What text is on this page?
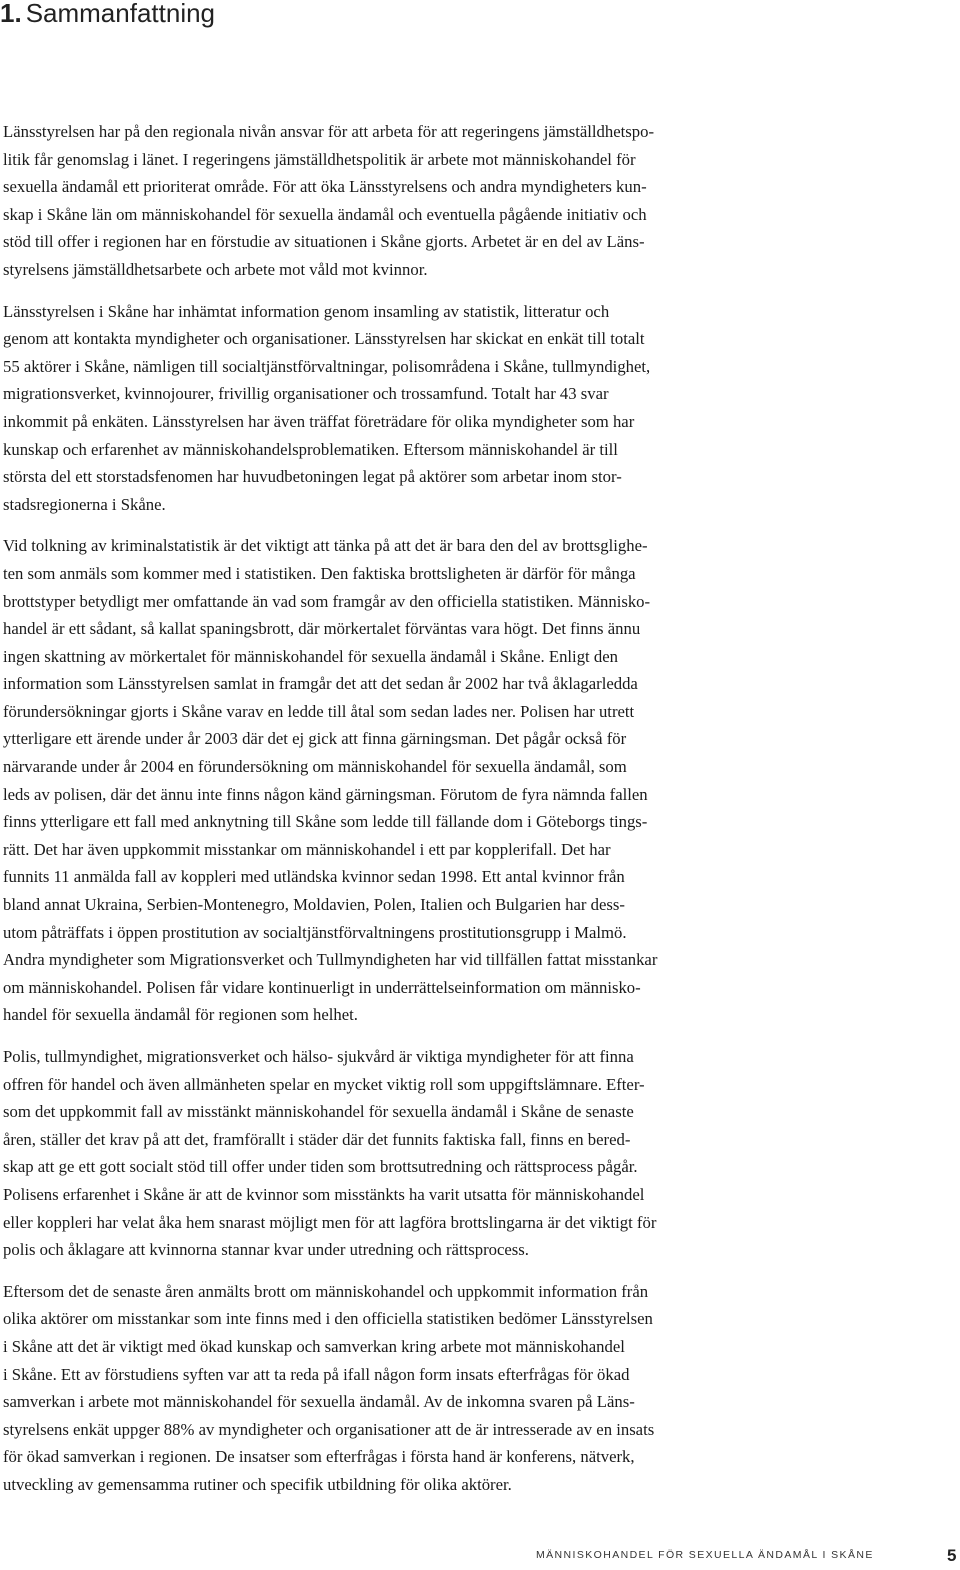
1. Sammanfattning

Länsstyrelsen har på den regionala nivån ansvar för att arbeta för att regeringens jämställdhetspo-
litik får genomslag i länet. I regeringens jämställdhetspolitik är arbete mot människohandel för
sexuella ändamål ett prioriterat område. För att öka Länsstyrelsens och andra myndigheters kun-
skap i Skåne län om människohandel för sexuella ändamål och eventuella pågående initiativ och
stöd till offer i regionen har en förstudie av situationen i Skåne gjorts. Arbetet är en del av Läns-
styrelsens jämställdhetsarbete och arbete mot våld mot kvinnor.

Länsstyrelsen i Skåne har inhämtat information genom insamling av statistik, litteratur och
genom att kontakta myndigheter och organisationer. Länsstyrelsen har skickat en enkät till totalt
55 aktörer i Skåne, nämligen till socialtjänstförvaltningar, polisområdena i Skåne, tullmyndighet,
migrationsverket, kvinnojourer, frivillig organisationer och trossamfund. Totalt har 43 svar
inkommit på enkäten. Länsstyrelsen har även träffat företrädare för olika myndigheter som har
kunskap och erfarenhet av människohandelsproblematiken. Eftersom människohandel är till
största del ett storstadsfenomen har huvudbetoningen legat på aktörer som arbetar inom stor-
stadsregionerna i Skåne.

Vid tolkning av kriminalstatistik är det viktigt att tänka på att det är bara den del av brottsglighe-
ten som anmäls som kommer med i statistiken. Den faktiska brottsligheten är därför för många
brottstyper betydligt mer omfattande än vad som framgår av den officiella statistiken. Människo-
handel är ett sådant, så kallat spaningsbrott, där mörkertalet förväntas vara högt. Det finns ännu
ingen skattning av mörkertalet för människohandel för sexuella ändamål i Skåne. Enligt den
information som Länsstyrelsen samlat in framgår det att det sedan år 2002 har två åklagarledda
förundersökningar gjorts i Skåne varav en ledde till åtal som sedan lades ner. Polisen har utrett
ytterligare ett ärende under år 2003 där det ej gick att finna gärningsman. Det pågår också för
närvarande under år 2004 en förundersökning om människohandel för sexuella ändamål, som
leds av polisen, där det ännu inte finns någon känd gärningsman. Förutom de fyra nämnda fallen
finns ytterligare ett fall med anknytning till Skåne som ledde till fällande dom i Göteborgs tings-
rätt. Det har även uppkommit misstankar om människohandel i ett par kopplerifall. Det har
funnits 11 anmälda fall av koppleri med utländska kvinnor sedan 1998. Ett antal kvinnor från
bland annat Ukraina, Serbien-Montenegro, Moldavien, Polen, Italien och Bulgarien har dess-
utom påträffats i öppen prostitution av socialtjänstförvaltningens prostitutionsgrupp i Malmö.
Andra myndigheter som Migrationsverket och Tullmyndigheten har vid tillfällen fattat misstankar
om människohandel. Polisen får vidare kontinuerligt in underrättelseinformation om människo-
handel för sexuella ändamål för regionen som helhet.

Polis, tullmyndighet, migrationsverket och hälso- sjukvård är viktiga myndigheter för att finna
offren för handel och även allmänheten spelar en mycket viktig roll som uppgiftslämnare. Efter-
som det uppkommit fall av misstänkt människohandel för sexuella ändamål i Skåne de senaste
åren, ställer det krav på att det, framförallt i städer där det funnits faktiska fall, finns en bered-
skap att ge ett gott socialt stöd till offer under tiden som brottsutredning och rättsprocess pågår.
Polisens erfarenhet i Skåne är att de kvinnor som misstänkts ha varit utsatta för människohandel
eller koppleri har velat åka hem snarast möjligt men för att lagföra brottslingarna är det viktigt för
polis och åklagare att kvinnorna stannar kvar under utredning och rättsprocess.

Eftersom det de senaste åren anmälts brott om människohandel och uppkommit information från
olika aktörer om misstankar som inte finns med i den officiella statistiken bedömer Länsstyrelsen
i Skåne att det är viktigt med ökad kunskap och samverkan kring arbete mot människohandel
i Skåne. Ett av förstudiens syften var att ta reda på ifall någon form insats efterfrågas för ökad
samverkan i arbete mot människohandel för sexuella ändamål. Av de inkomna svaren på Läns-
styrelsens enkät uppger 88% av myndigheter och organisationer att de är intresserade av en insats
för ökad samverkan i regionen. De insatser som efterfrågas i första hand är konferens, nätverk,
utveckling av gemensamma rutiner och specifik utbildning för olika aktörer.

MÄNNISKOHANDEL FÖR SEXUELLA ÄNDAMÅL I SKÅNE	5
